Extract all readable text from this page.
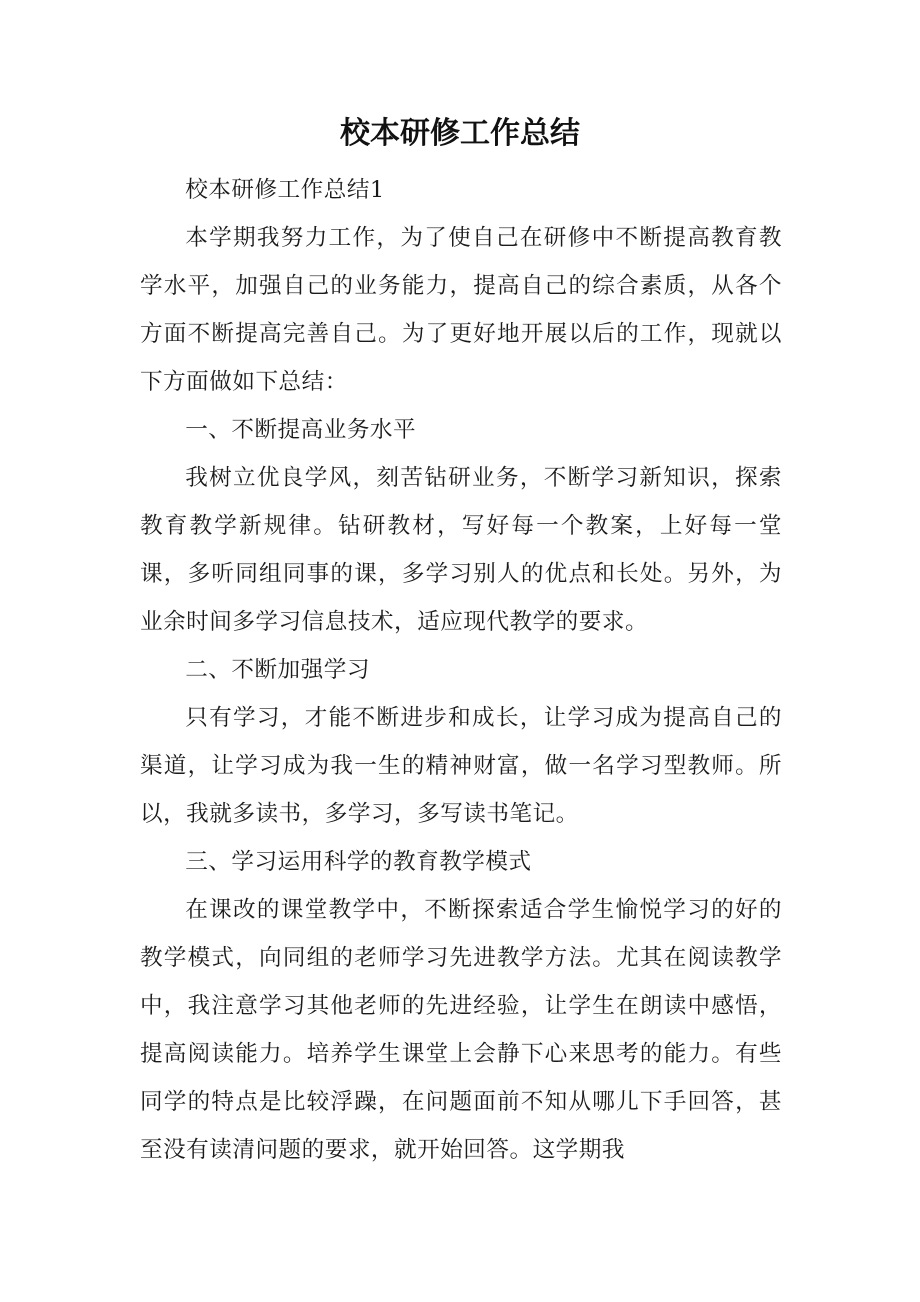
校本研修工作总结

校本研修工作总结1

本学期我努力工作，为了使自己在研修中不断提高教育教学水平，加强自己的业务能力，提高自己的综合素质，从各个方面不断提高完善自己。为了更好地开展以后的工作，现就以下方面做如下总结：

一、不断提高业务水平

我树立优良学风，刻苦钻研业务，不断学习新知识，探索教育教学新规律。钻研教材，写好每一个教案，上好每一堂课，多听同组同事的课，多学习别人的优点和长处。另外，为业余时间多学习信息技术，适应现代教学的要求。

二、不断加强学习

只有学习，才能不断进步和成长，让学习成为提高自己的渠道，让学习成为我一生的精神财富，做一名学习型教师。所以，我就多读书，多学习，多写读书笔记。

三、学习运用科学的教育教学模式

在课改的课堂教学中，不断探索适合学生愉悦学习的好的教学模式，向同组的老师学习先进教学方法。尤其在阅读教学中，我注意学习其他老师的先进经验，让学生在朗读中感悟，提高阅读能力。培养学生课堂上会静下心来思考的能力。有些同学的特点是比较浮躁，在问题面前不知从哪儿下手回答，甚至没有读清问题的要求，就开始回答。这学期我
